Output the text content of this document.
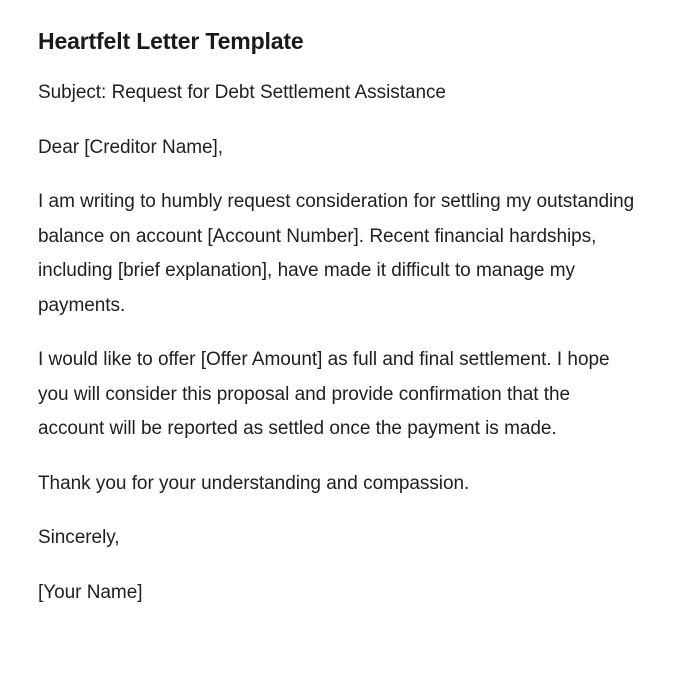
Heartfelt Letter Template

Subject: Request for Debt Settlement Assistance

Dear [Creditor Name],

I am writing to humbly request consideration for settling my outstanding balance on account [Account Number]. Recent financial hardships, including [brief explanation], have made it difficult to manage my payments.

I would like to offer [Offer Amount] as full and final settlement. I hope you will consider this proposal and provide confirmation that the account will be reported as settled once the payment is made.

Thank you for your understanding and compassion.

Sincerely,

[Your Name]
